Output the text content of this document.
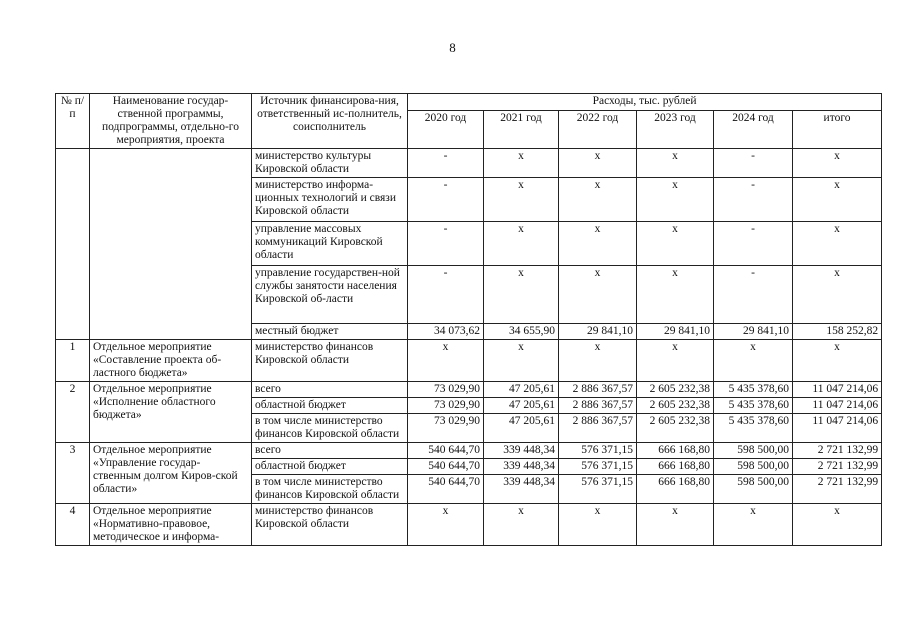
8
№ п/п	Наименование государ-ственной программы, подпрограммы, отдельно-го мероприятия, проекта	Источник финансирова-ния, ответственный ис-полнитель, соисполнитель	Расходы, тыс. рублей					
			2020 год	2021 год	2022 год	2023 год	2024 год	итого
		министерство культуры Кировской области	-	x	x	x	-	x
		министерство информа-ционных технологий и связи Кировской области	-	x	x	x	-	x
		управление массовых коммуникаций Кировской области	-	x	x	x	-	x
		управление государствен-ной службы занятости населения Кировской об-ласти	-	x	x	x	-	x
		местный бюджет	34 073,62	34 655,90	29 841,10	29 841,10	29 841,10	158 252,82
1	Отдельное мероприятие «Составление проекта об-ластного бюджета»	министерство финансов Кировской области	x	x	x	x	x	x
2	Отдельное мероприятие «Исполнение областного бюджета»	всего	73 029,90	47 205,61	2 886 367,57	2 605 232,38	5 435 378,60	11 047 214,06
		областной бюджет	73 029,90	47 205,61	2 886 367,57	2 605 232,38	5 435 378,60	11 047 214,06
		в том числе министерство финансов Кировской области	73 029,90	47 205,61	2 886 367,57	2 605 232,38	5 435 378,60	11 047 214,06
3	Отдельное мероприятие «Управление государ-ственным долгом Киров-ской области»	всего	540 644,70	339 448,34	576 371,15	666 168,80	598 500,00	2 721 132,99
		областной бюджет	540 644,70	339 448,34	576 371,15	666 168,80	598 500,00	2 721 132,99
		в том числе министерство финансов Кировской области	540 644,70	339 448,34	576 371,15	666 168,80	598 500,00	2 721 132,99
4	Отдельное мероприятие «Нормативно-правовое, методическое и информа-	министерство финансов Кировской области	x	x	x	x	x	x
